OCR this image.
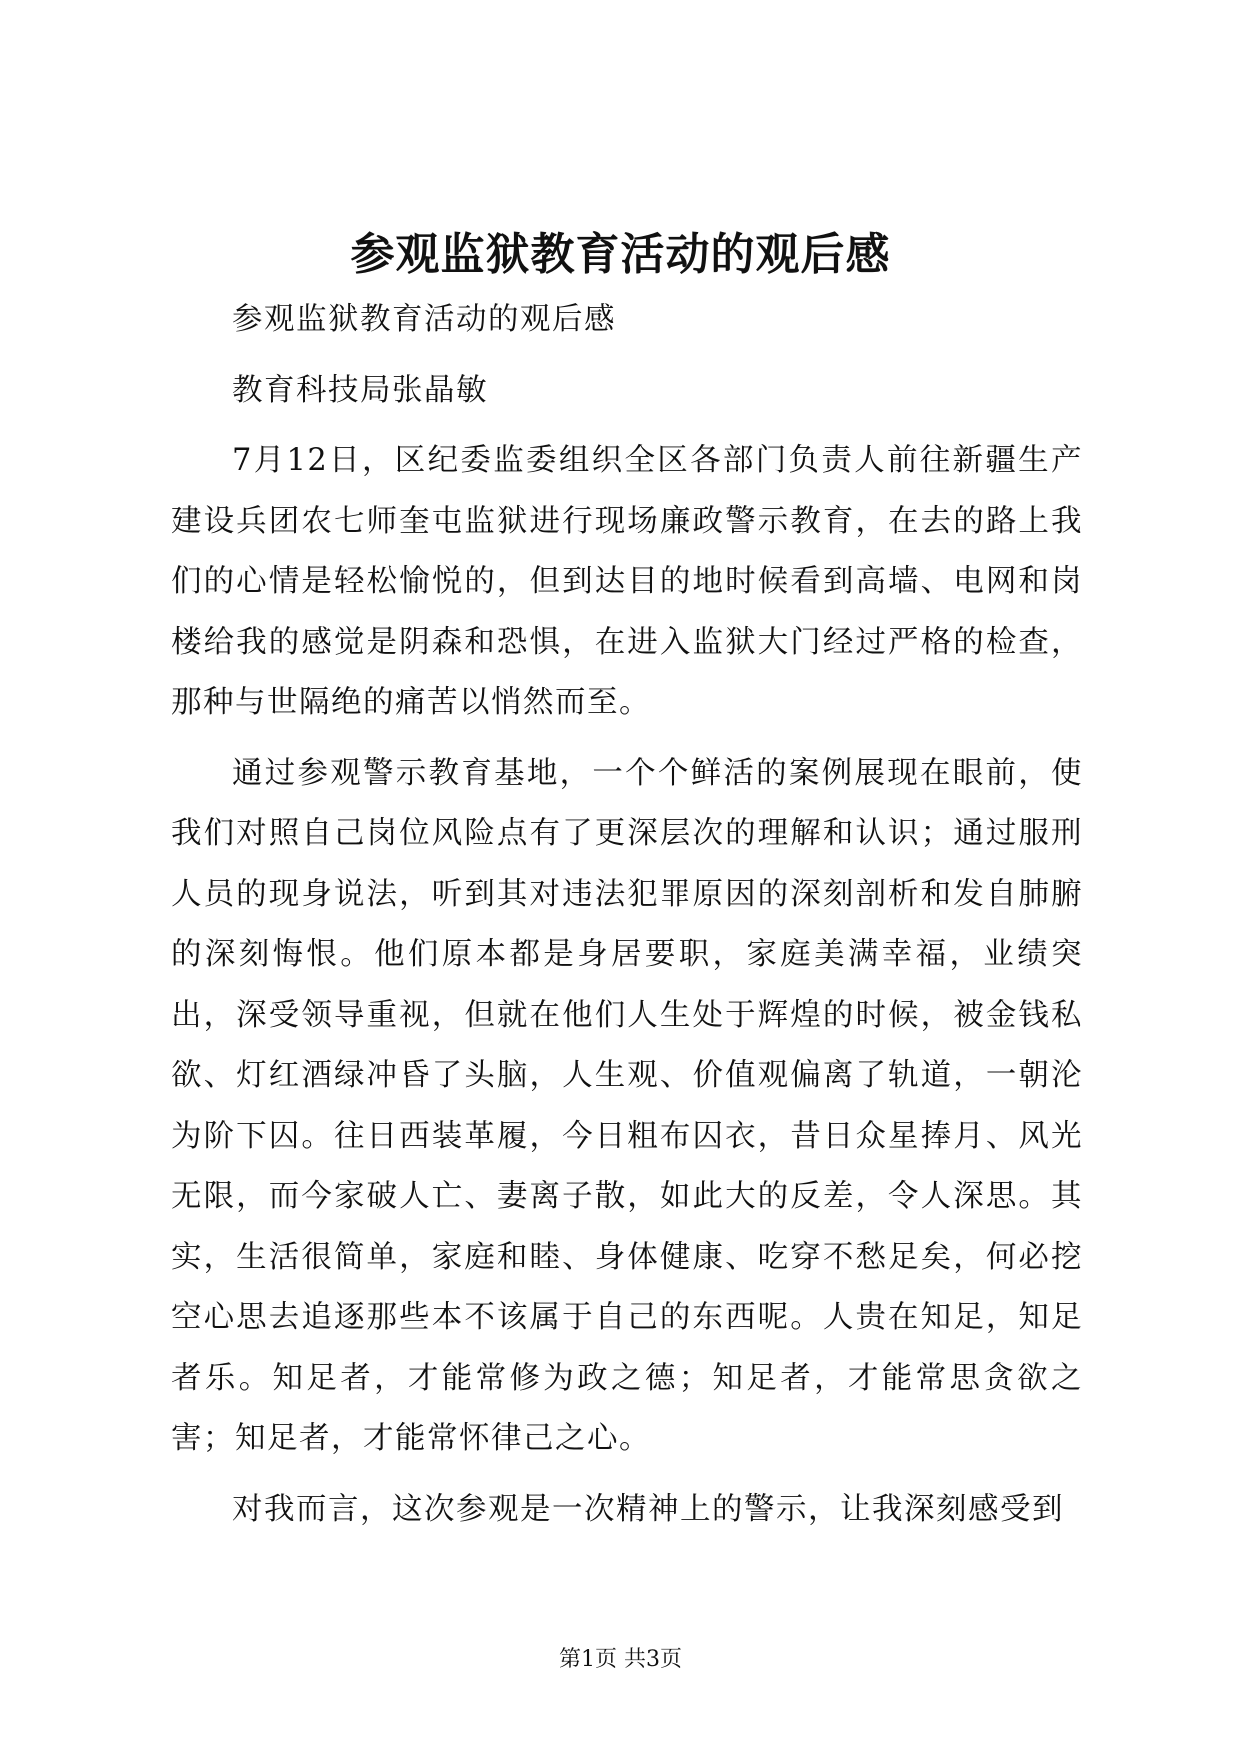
参观监狱教育活动的观后感

参观监狱教育活动的观后感

教育科技局张晶敏

7月12日，区纪委监委组织全区各部门负责人前往新疆生产建设兵团农七师奎屯监狱进行现场廉政警示教育，在去的路上我们的心情是轻松愉悦的，但到达目的地时候看到高墙、电网和岗楼给我的感觉是阴森和恐惧，在进入监狱大门经过严格的检查，那种与世隔绝的痛苦以悄然而至。

通过参观警示教育基地，一个个鲜活的案例展现在眼前，使我们对照自己岗位风险点有了更深层次的理解和认识；通过服刑人员的现身说法，听到其对违法犯罪原因的深刻剖析和发自肺腑的深刻悔恨。他们原本都是身居要职，家庭美满幸福，业绩突出，深受领导重视，但就在他们人生处于辉煌的时候，被金钱私欲、灯红酒绿冲昏了头脑，人生观、价值观偏离了轨道，一朝沦为阶下囚。往日西装革履，今日粗布囚衣，昔日众星捧月、风光无限，而今家破人亡、妻离子散，如此大的反差，令人深思。其实，生活很简单，家庭和睦、身体健康、吃穿不愁足矣，何必挖空心思去追逐那些本不该属于自己的东西呢。人贵在知足，知足者乐。知足者，才能常修为政之德；知足者，才能常思贪欲之害；知足者，才能常怀律己之心。

对我而言，这次参观是一次精神上的警示，让我深刻感受到

第1页 共3页
